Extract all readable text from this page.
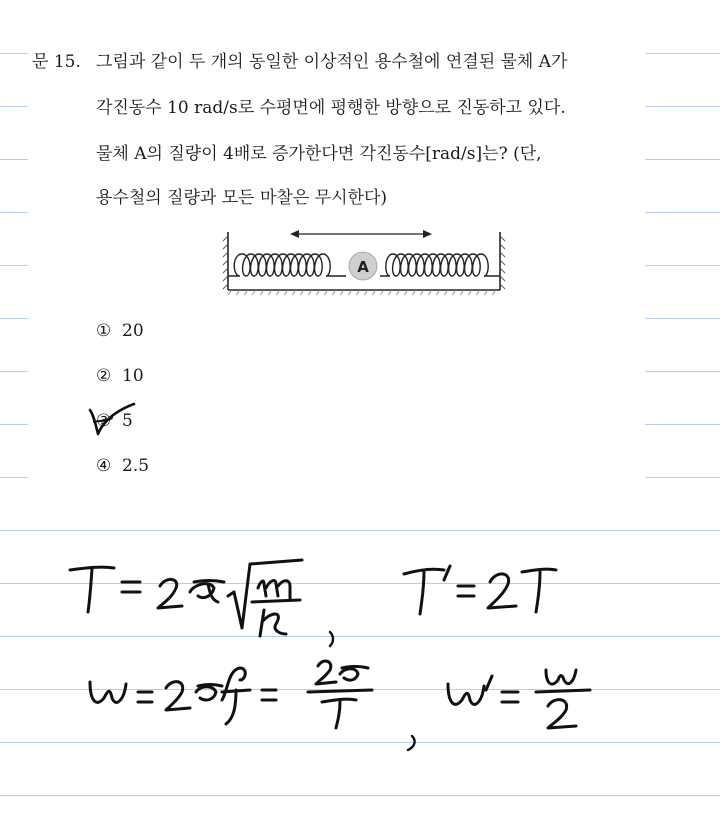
문 15. 그림과 같이 두 개의 동일한 이상적인 용수철에 연결된 물체 A가
각진동수 10 rad/s로 수평면에 평행한 방향으로 진동하고 있다.
물체 A의 질량이 4배로 증가한다면 각진동수[rad/s]는? (단,
용수철의 질량과 모든 마찰은 무시한다)
A
① 20
② 10
③ 5
④ 2.5
